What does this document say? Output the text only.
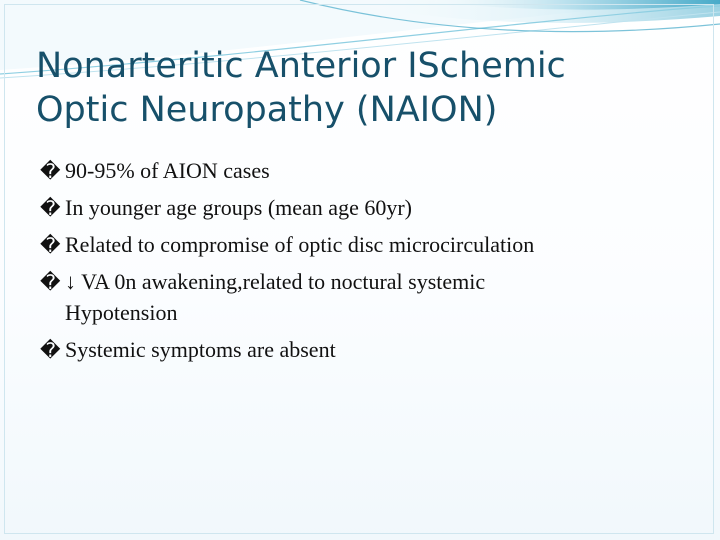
Nonarteritic Anterior ISchemic
Optic Neuropathy (NAION)
� 90-95% of AION cases
� In younger age groups (mean age 60yr)
� Related to compromise of optic disc microcirculation
� ↓ VA 0n awakening,related to noctural systemic
Hypotension
� Systemic symptoms are absent
